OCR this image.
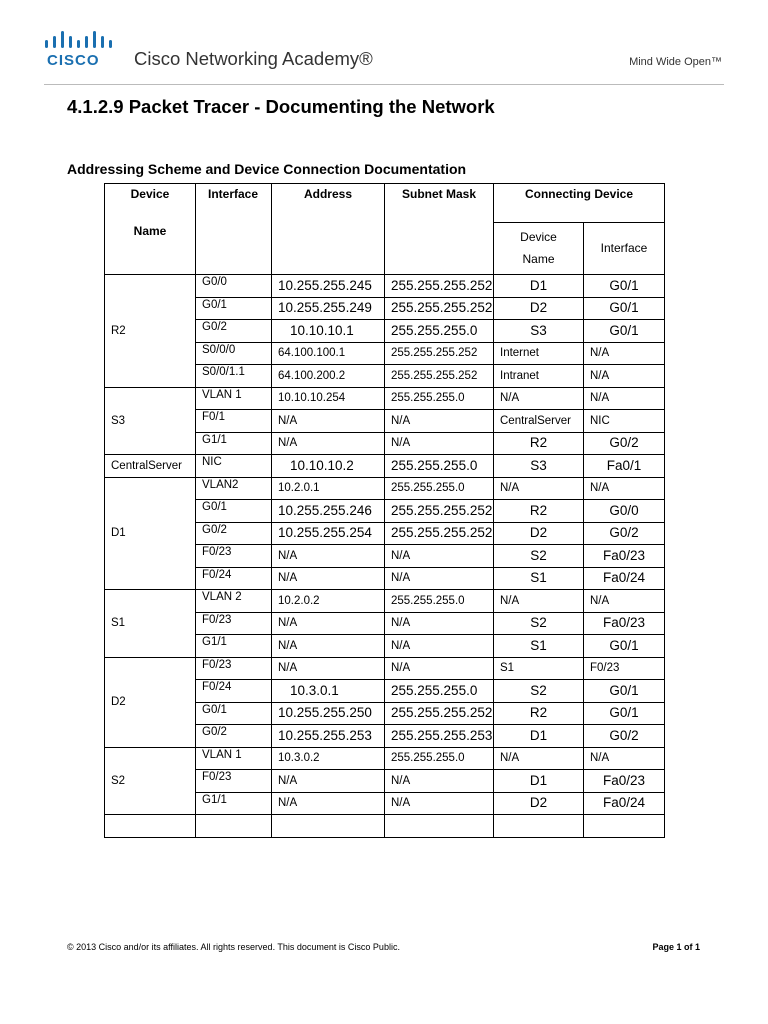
CISCO Cisco Networking Academy®	Mind Wide Open™
4.1.2.9 Packet Tracer - Documenting the Network
Addressing Scheme and Device Connection Documentation
Device	Interface	Address	Subnet Mask	Connecting Device	
Name				Device
Name	Interface
R2	G0/0	10.255.255.245	255.255.255.252	D1	G0/1
	G0/1	10.255.255.249	255.255.255.252	D2	G0/1
	G0/2	10.10.10.1	255.255.255.0	S3	G0/1
	S0/0/0	64.100.100.1	255.255.255.252	Internet	N/A
	S0/0/1.1	64.100.200.2	255.255.255.252	Intranet	N/A
S3	VLAN 1	10.10.10.254	255.255.255.0	N/A	N/A
	F0/1	N/A	N/A	CentralServer	NIC
	G1/1	N/A	N/A	R2	G0/2
CentralServer	NIC	10.10.10.2	255.255.255.0	S3	Fa0/1
D1	VLAN2	10.2.0.1	255.255.255.0	N/A	N/A
	G0/1	10.255.255.246	255.255.255.252	R2	G0/0
	G0/2	10.255.255.254	255.255.255.252	D2	G0/2
	F0/23	N/A	N/A	S2	Fa0/23
	F0/24	N/A	N/A	S1	Fa0/24
S1	VLAN 2	10.2.0.2	255.255.255.0	N/A	N/A
	F0/23	N/A	N/A	S2	Fa0/23
	G1/1	N/A	N/A	S1	G0/1
D2	F0/23	N/A	N/A	S1	F0/23
	F0/24	10.3.0.1	255.255.255.0	S2	G0/1
	G0/1	10.255.255.250	255.255.255.252	R2	G0/1
	G0/2	10.255.255.253	255.255.255.253	D1	G0/2
S2	VLAN 1	10.3.0.2	255.255.255.0	N/A	N/A
	F0/23	N/A	N/A	D1	Fa0/23
	G1/1	N/A	N/A	D2	Fa0/24

© 2013 Cisco and/or its affiliates. All rights reserved. This document is Cisco Public.	Page 1 of 1
